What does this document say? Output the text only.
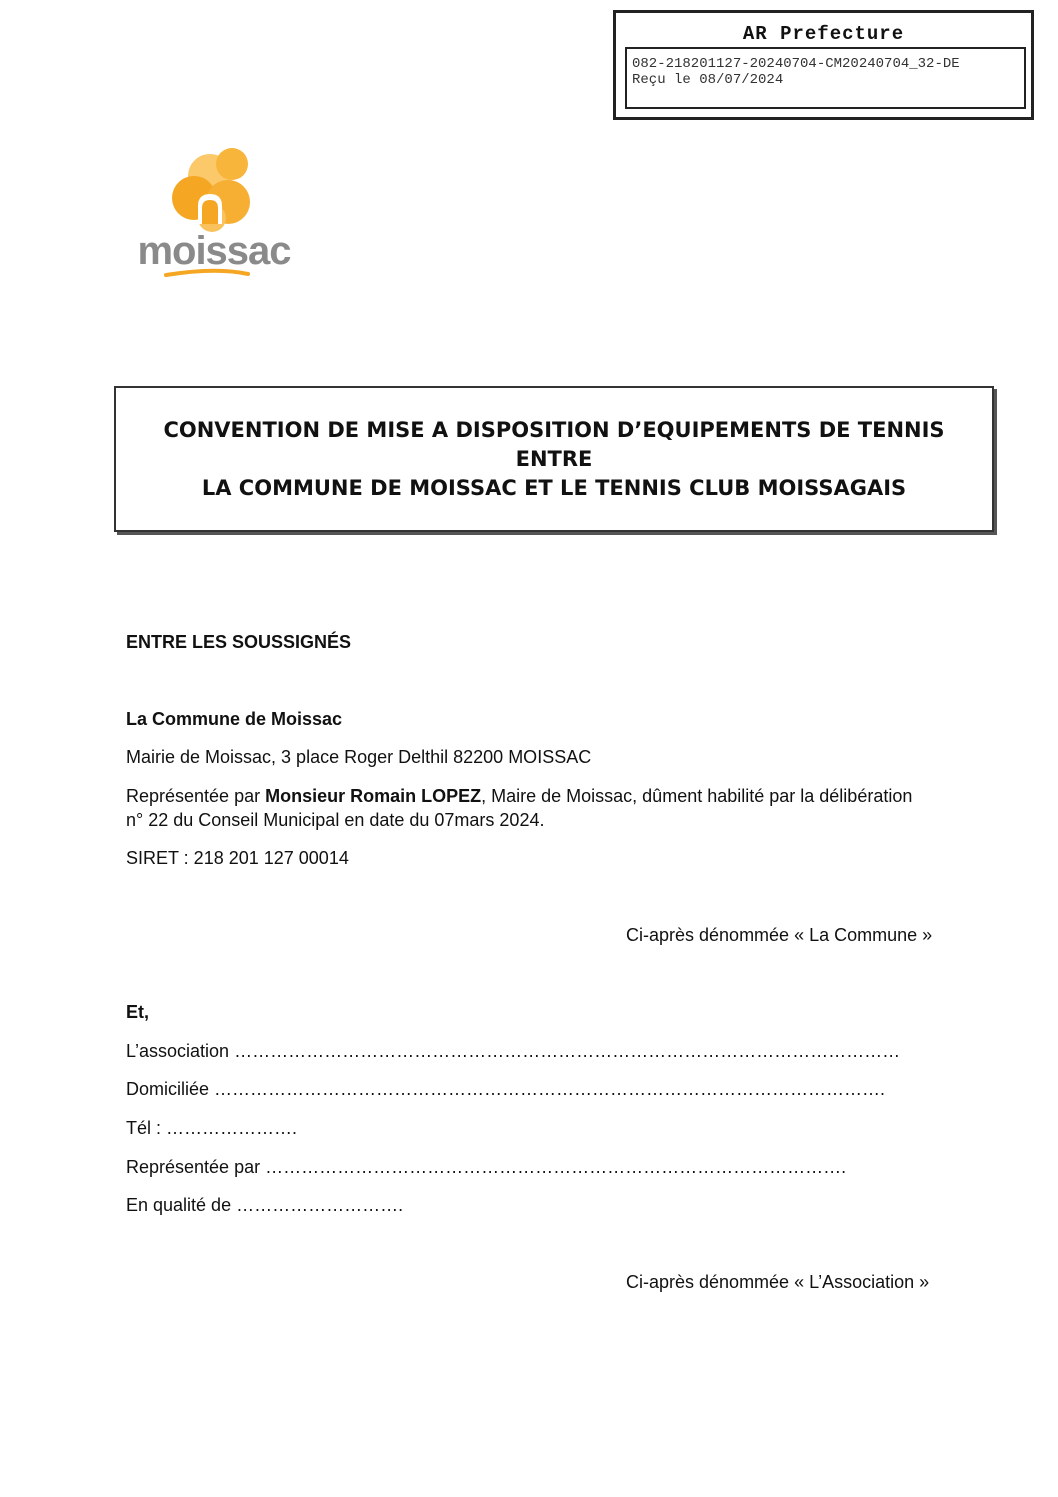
AR Prefecture
082-218201127-20240704-CM20240704_32-DE
Reçu le 08/07/2024
moissac
CONVENTION DE MISE A DISPOSITION D’EQUIPEMENTS DE TENNIS
ENTRE
LA COMMUNE DE MOISSAC ET LE TENNIS CLUB MOISSAGAIS
ENTRE LES SOUSSIGNÉS
La Commune de Moissac
Mairie de Moissac, 3 place Roger Delthil 82200 MOISSAC
Représentée par Monsieur Romain LOPEZ, Maire de Moissac, dûment habilité par la délibération
n° 22 du Conseil Municipal en date du 07mars 2024.
SIRET : 218 201 127 00014
Ci-après dénommée « La Commune »
Et,
L’association …………………………………………………………………………………………………
Domiciliée ………………………………………………………………………………………………….
Tél : ………………….
Représentée par …………………………………………………………………………………….
En qualité de ……………………….
Ci-après dénommée « L’Association »
